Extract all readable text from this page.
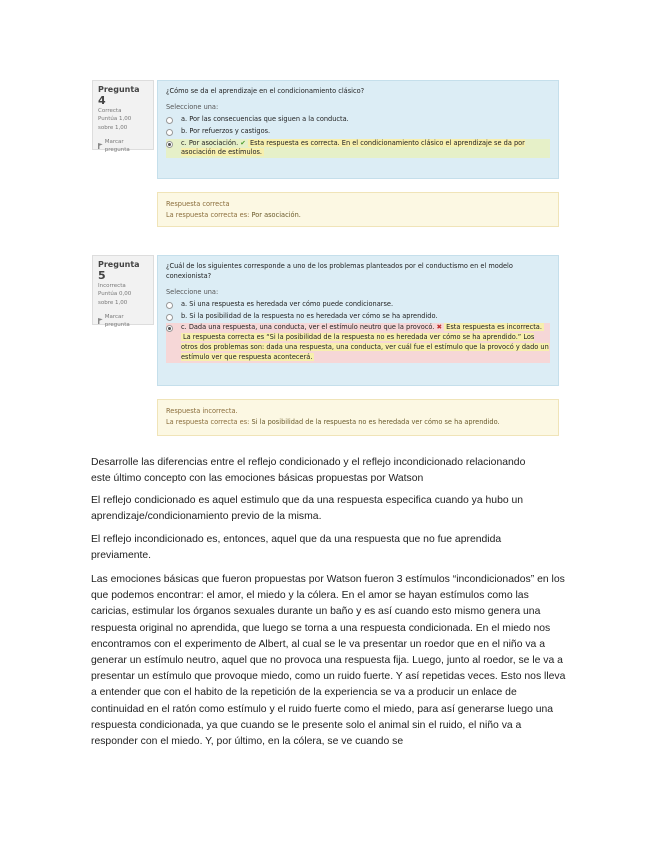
Pregunta 4
Correcta
Puntúa 1,00 sobre 1,00
Marcar pregunta
¿Cómo se da el aprendizaje en el condicionamiento clásico?
Seleccione una:
a. Por las consecuencias que siguen a la conducta.
b. Por refuerzos y castigos.
c. Por asociación. ✔ Esta respuesta es correcta. En el condicionamiento clásico el aprendizaje se da por asociación de estímulos.
Respuesta correcta
La respuesta correcta es: Por asociación.
Pregunta 5
Incorrecta
Puntúa 0,00 sobre 1,00
Marcar pregunta
¿Cuál de los siguientes corresponde a uno de los problemas planteados por el conductismo en el modelo conexionista?
Seleccione una:
a. Si una respuesta es heredada ver cómo puede condicionarse.
b. Si la posibilidad de la respuesta no es heredada ver cómo se ha aprendido.
c. Dada una respuesta, una conducta, ver el estímulo neutro que la provocó. ✖ Esta respuesta es incorrecta.
La respuesta correcta es “Si la posibilidad de la respuesta no es heredada ver cómo se ha aprendido.” Los otros dos problemas son: dada una respuesta, una conducta, ver cuál fue el estímulo que la provocó y dado un estímulo ver que respuesta acontecerá.
Respuesta incorrecta.
La respuesta correcta es: Si la posibilidad de la respuesta no es heredada ver cómo se ha aprendido.
Desarrolle las diferencias entre el reflejo condicionado y el reflejo incondicionado relacionando este último concepto con las emociones básicas propuestas por Watson
El reflejo condicionado es aquel estimulo que da una respuesta especifica cuando ya hubo un aprendizaje/condicionamiento previo de la misma.
El reflejo incondicionado es, entonces, aquel que da una respuesta que no fue aprendida previamente.
Las emociones básicas que fueron propuestas por Watson fueron 3 estímulos “incondicionados” en los que podemos encontrar: el amor, el miedo y la cólera. En el amor se hayan estímulos como las caricias, estimular los órganos sexuales durante un baño y es así cuando esto mismo genera una respuesta original no aprendida, que luego se torna a una respuesta condicionada. En el miedo nos encontramos con el experimento de Albert, al cual se le va presentar un roedor que en el niño va a generar un estímulo neutro, aquel que no provoca una respuesta fija. Luego, junto al roedor, se le va a presentar un estímulo que provoque miedo, como un ruido fuerte. Y así repetidas veces. Esto nos lleva a entender que con el habito de la repetición de la experiencia se va a producir un enlace de continuidad en el ratón como estímulo y el ruido fuerte como el miedo, para así generarse luego una respuesta condicionada, ya que cuando se le presente solo el animal sin el ruido, el niño va a responder con el miedo. Y, por último, en la cólera, se ve cuando se
